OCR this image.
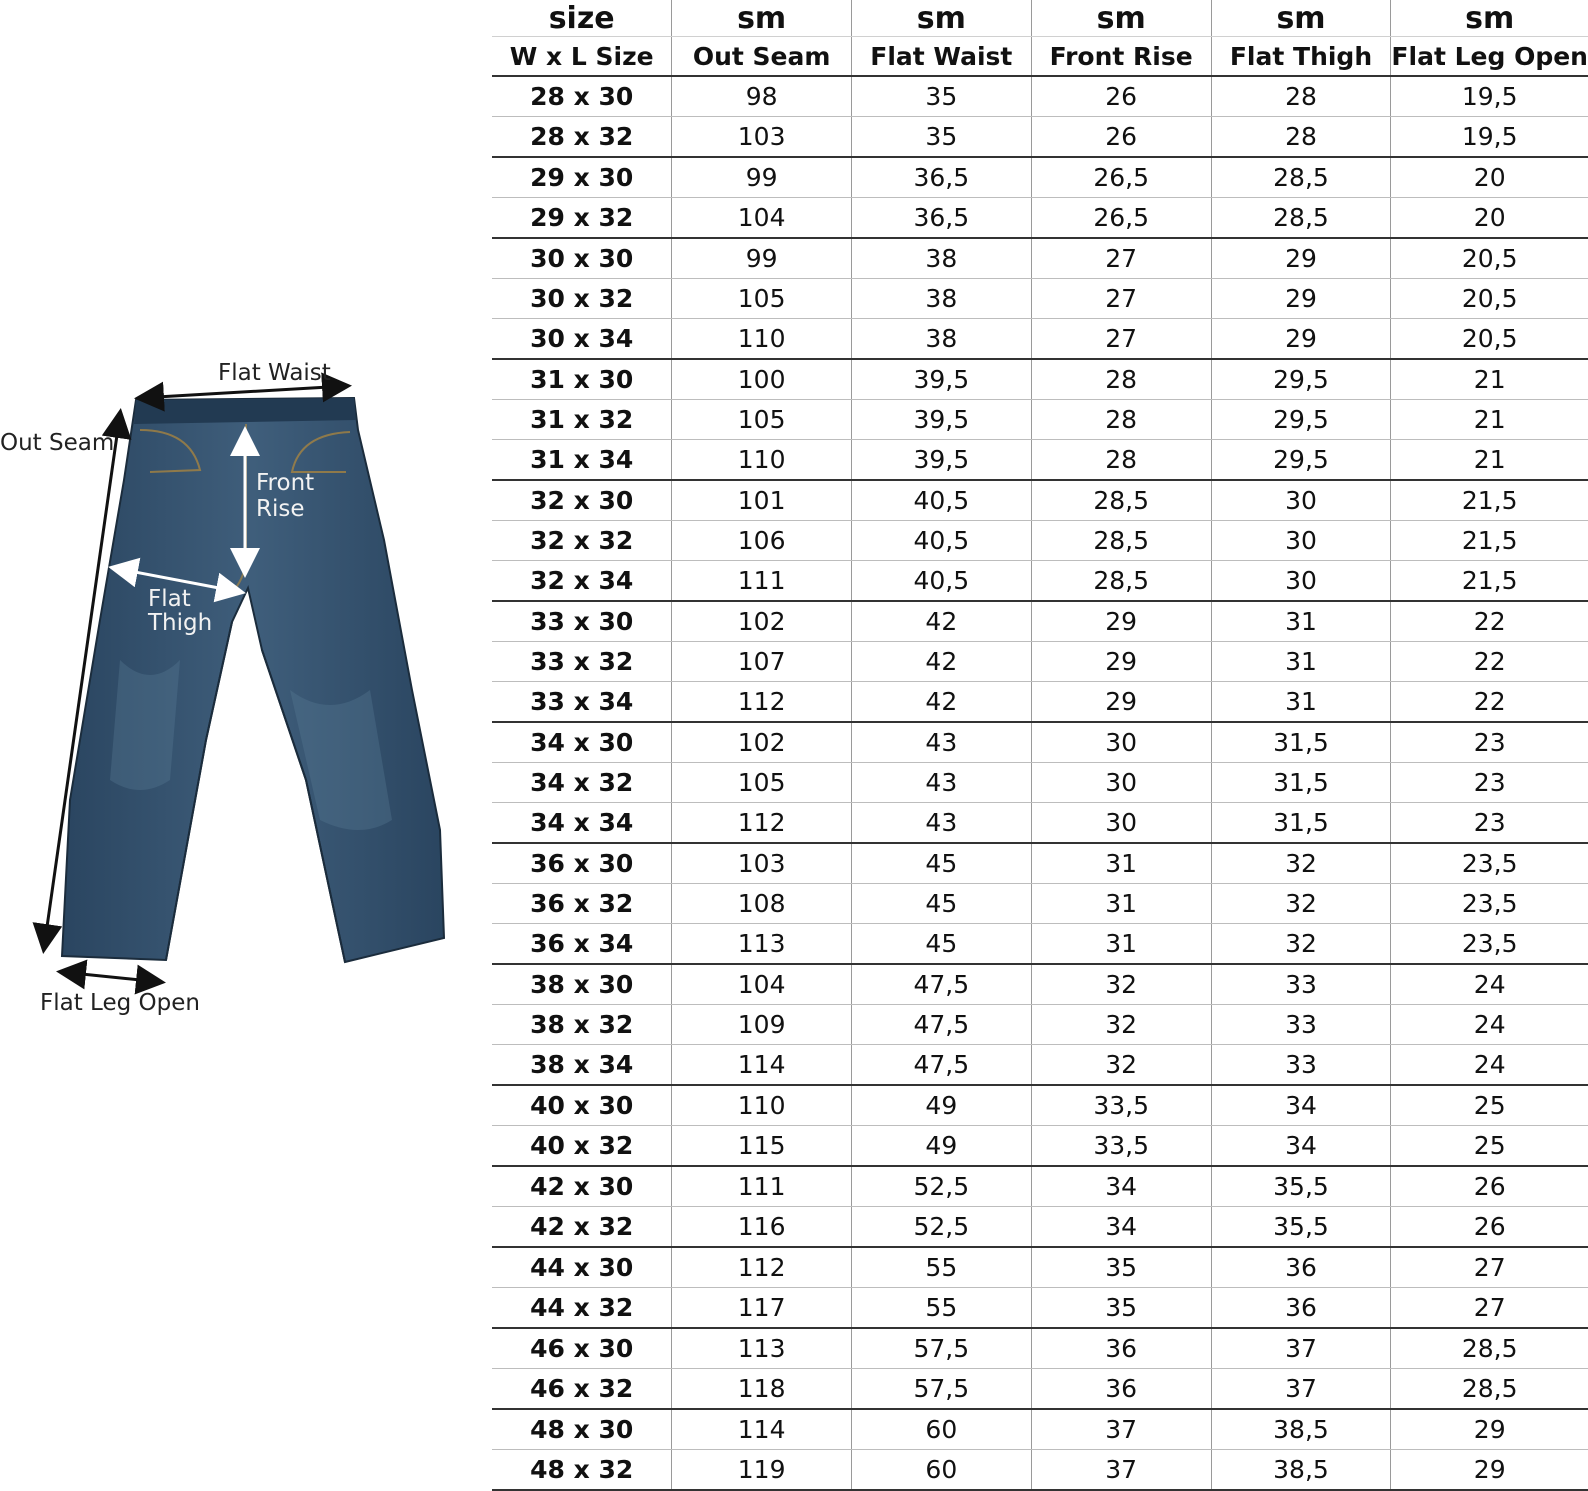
Flat Waist
Out Seam
Front
Rise
Flat
Thigh
Flat Leg Open
size	sm	sm	sm	sm	sm
W x L Size	Out Seam	Flat Waist	Front Rise	Flat Thigh	Flat Leg Open
28 x 30	98	35	26	28	19,5
28 x 32	103	35	26	28	19,5
29 x 30	99	36,5	26,5	28,5	20
29 x 32	104	36,5	26,5	28,5	20
30 x 30	99	38	27	29	20,5
30 x 32	105	38	27	29	20,5
30 x 34	110	38	27	29	20,5
31 x 30	100	39,5	28	29,5	21
31 x 32	105	39,5	28	29,5	21
31 x 34	110	39,5	28	29,5	21
32 x 30	101	40,5	28,5	30	21,5
32 x 32	106	40,5	28,5	30	21,5
32 x 34	111	40,5	28,5	30	21,5
33 x 30	102	42	29	31	22
33 x 32	107	42	29	31	22
33 x 34	112	42	29	31	22
34 x 30	102	43	30	31,5	23
34 x 32	105	43	30	31,5	23
34 x 34	112	43	30	31,5	23
36 x 30	103	45	31	32	23,5
36 x 32	108	45	31	32	23,5
36 x 34	113	45	31	32	23,5
38 x 30	104	47,5	32	33	24
38 x 32	109	47,5	32	33	24
38 x 34	114	47,5	32	33	24
40 x 30	110	49	33,5	34	25
40 x 32	115	49	33,5	34	25
42 x 30	111	52,5	34	35,5	26
42 x 32	116	52,5	34	35,5	26
44 x 30	112	55	35	36	27
44 x 32	117	55	35	36	27
46 x 30	113	57,5	36	37	28,5
46 x 32	118	57,5	36	37	28,5
48 x 30	114	60	37	38,5	29
48 x 32	119	60	37	38,5	29
